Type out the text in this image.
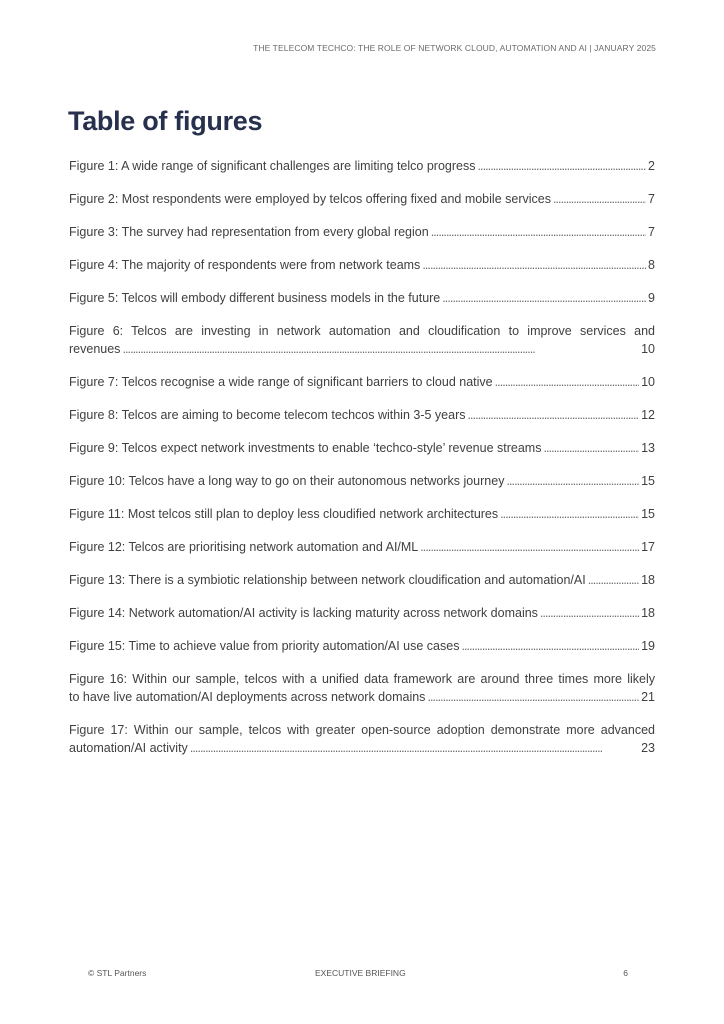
THE TELECOM TECHCO: THE ROLE OF NETWORK CLOUD, AUTOMATION AND AI | JANUARY 2025
Table of figures
Figure 1: A wide range of significant challenges are limiting telco progress . . .	2
Figure 2: Most respondents were employed by telcos offering fixed and mobile services . . .	7
Figure 3: The survey had representation from every global region . . .	7
Figure 4: The majority of respondents were from network teams . . .	8
Figure 5: Telcos will embody different business models in the future . . .	9
Figure 6: Telcos are investing in network automation and cloudification to improve services and
revenues . . .	10
Figure 7: Telcos recognise a wide range of significant barriers to cloud native . . .	10
Figure 8: Telcos are aiming to become telecom techcos within 3-5 years . . .	12
Figure 9: Telcos expect network investments to enable ‘techco-style’ revenue streams . . .	13
Figure 10: Telcos have a long way to go on their autonomous networks journey . . .	15
Figure 11: Most telcos still plan to deploy less cloudified network architectures . . .	15
Figure 12: Telcos are prioritising network automation and AI/ML . . .	17
Figure 13: There is a symbiotic relationship between network cloudification and automation/AI . . .	18
Figure 14: Network automation/AI activity is lacking maturity across network domains . . .	18
Figure 15: Time to achieve value from priority automation/AI use cases . . .	19
Figure 16: Within our sample, telcos with a unified data framework are around three times more likely
to have live automation/AI deployments across network domains . . .	21
Figure 17: Within our sample, telcos with greater open-source adoption demonstrate more advanced
automation/AI activity . . .	23
© STL Partners	EXECUTIVE BRIEFING	6
